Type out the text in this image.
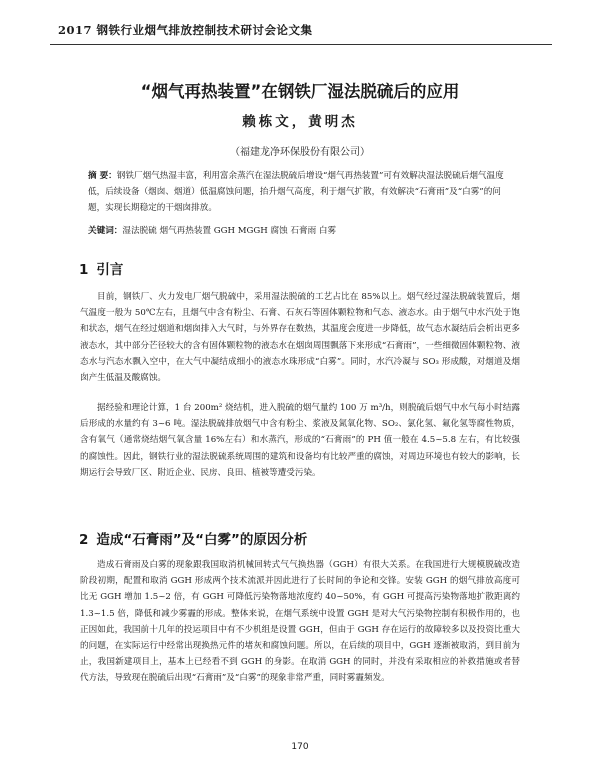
2017 钢铁行业烟气排放控制技术研讨会论文集
“烟气再热装置”在钢铁厂湿法脱硫后的应用
赖栋文，黄明杰
（福建龙净环保股份有限公司）
摘 要：钢铁厂烟气热湿丰富，利用富余蒸汽在湿法脱硫后增设“烟气再热装置”可有效解决湿法脱硫后烟气温度低，后续设备（烟囱、烟道）低温腐蚀问题，抬升烟气高度，利于烟气扩散，有效解决“石膏雨”及“白雾”的问题，实现长期稳定的干烟囱排放。
关键词：湿法脱硫 烟气再热装置 GGH MGGH 腐蚀 石膏雨 白雾
1 引言

目前，钢铁厂、火力发电厂烟气脱硫中，采用湿法脱硫的工艺占比在 85%以上。烟气经过湿法脱硫装置后，烟气温度一般为 50℃左右，且烟气中含有粉尘、石膏、石灰石等固体颗粒物和气态、液态水。由于烟气中水汽处于饱和状态，烟气在经过烟道和烟囱排入大气时，与外界存在数热，其温度会度进一步降低，故气态水凝结后会析出更多液态水，其中部分芒径较大的含有固体颗粒物的液态水在烟囱周围飘落下来形成“石膏雨”，一些细微固体颗粒物、液态水与汽态水飘入空中，在大气中凝结成细小的液态水珠形成“白雾”。同时，水汽冷凝与 SO₃ 形成酸，对烟道及烟囱产生低温及酸腐蚀。

据经验和理论计算，1 台 200m² 烧结机，进入脱硫的烟气量约 100 万 m³/h，则脱硫后烟气中水气每小时结露后形成的水量约有 3~6 吨。湿法脱硫排放烟气中含有粉尘、浆液及氮氧化物、SO₂、氯化氢、氟化氢等腐性物质，含有氧气（通常烧结烟气氧含量 16%左右）和水蒸汽，形成的“石膏雨”的 PH 值一般在 4.5~5.8 左右，有比较强的腐蚀性。因此，钢铁行业的湿法脱硫系统周围的建筑和设备均有比较严重的腐蚀，对周边环境也有较大的影响，长期运行会导致厂区、附近企业、民房、良田、植被等遭受污染。

2 造成“石膏雨”及“白雾”的原因分析

造成石膏雨及白雾的现象跟我国取消机械回转式气气换热器（GGH）有很大关系。在我国进行大规模脱硫改造阶段初期，配置和取消 GGH 形成两个技术流派并因此进行了长时间的争论和交锋。安装 GGH 的烟气排放高度可比无 GGH 增加 1.5~2 倍，有 GGH 可降低污染物落地浓度约 40~50%，有 GGH 可提高污染物落地扩散距离约 1.3~1.5 倍，降低和减少雾霾的形成。整体来说，在烟气系统中设置 GGH 是对大气污染物控制有积极作用的，也正因如此，我国前十几年的投运项目中有不少机组是设置 GGH，但由于 GGH 存在运行的故障较多以及投资比重大的问题，在实际运行中经常出现换热元件的堵灰和腐蚀问题。所以，在后续的项目中，GGH 逐渐被取消，到目前为止，我国新建项目上，基本上已经看不到 GGH 的身影。在取消 GGH 的同时，并没有采取相应的补救措施或者替代方法，导致现在脱硫后出现“石膏雨”及“白雾”的现象非常严重，同时雾霾频发。

170
